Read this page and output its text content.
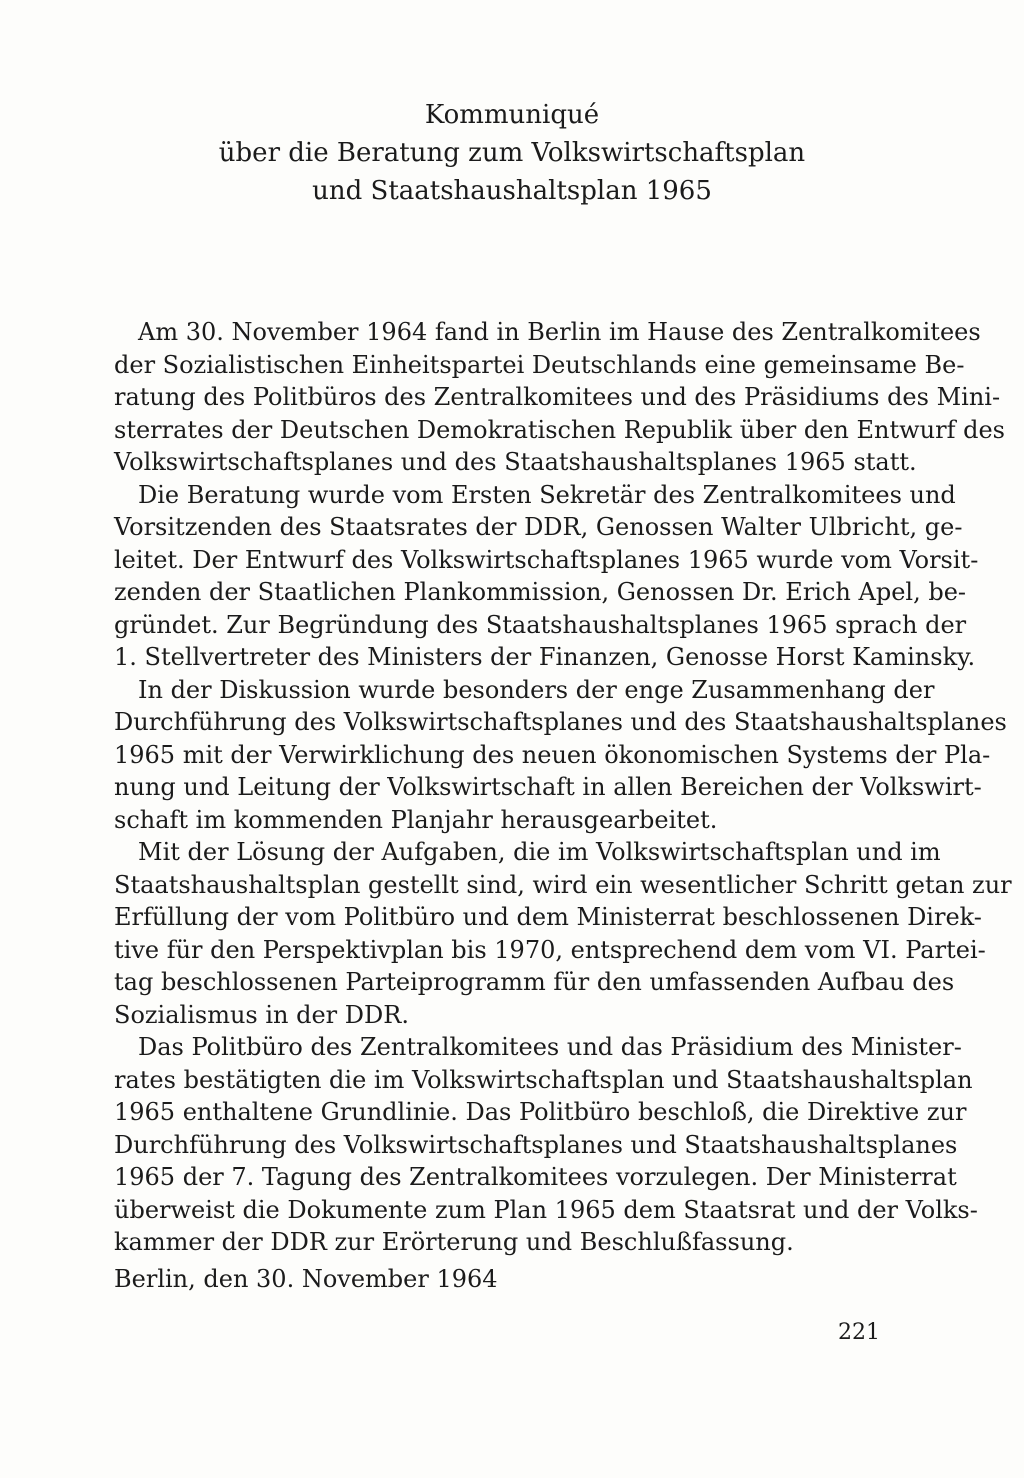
Kommuniqué
über die Beratung zum Volkswirtschaftsplan
und Staatshaushaltsplan 1965
Am 30. November 1964 fand in Berlin im Hause des Zentralkomitees
der Sozialistischen Einheitspartei Deutschlands eine gemeinsame Be-
ratung des Politbüros des Zentralkomitees und des Präsidiums des Mini-
sterrates der Deutschen Demokratischen Republik über den Entwurf des
Volkswirtschaftsplanes und des Staatshaushaltsplanes 1965 statt.
Die Beratung wurde vom Ersten Sekretär des Zentralkomitees und
Vorsitzenden des Staatsrates der DDR, Genossen Walter Ulbricht, ge-
leitet. Der Entwurf des Volkswirtschaftsplanes 1965 wurde vom Vorsit-
zenden der Staatlichen Plankommission, Genossen Dr. Erich Apel, be-
gründet. Zur Begründung des Staatshaushaltsplanes 1965 sprach der
1. Stellvertreter des Ministers der Finanzen, Genosse Horst Kaminsky.
In der Diskussion wurde besonders der enge Zusammenhang der
Durchführung des Volkswirtschaftsplanes und des Staatshaushaltsplanes
1965 mit der Verwirklichung des neuen ökonomischen Systems der Pla-
nung und Leitung der Volkswirtschaft in allen Bereichen der Volkswirt-
schaft im kommenden Planjahr herausgearbeitet.
Mit der Lösung der Aufgaben, die im Volkswirtschaftsplan und im
Staatshaushaltsplan gestellt sind, wird ein wesentlicher Schritt getan zur
Erfüllung der vom Politbüro und dem Ministerrat beschlossenen Direk-
tive für den Perspektivplan bis 1970, entsprechend dem vom VI. Partei-
tag beschlossenen Parteiprogramm für den umfassenden Aufbau des
Sozialismus in der DDR.
Das Politbüro des Zentralkomitees und das Präsidium des Minister-
rates bestätigten die im Volkswirtschaftsplan und Staatshaushaltsplan
1965 enthaltene Grundlinie. Das Politbüro beschloß, die Direktive zur
Durchführung des Volkswirtschaftsplanes und Staatshaushaltsplanes
1965 der 7. Tagung des Zentralkomitees vorzulegen. Der Ministerrat
überweist die Dokumente zum Plan 1965 dem Staatsrat und der Volks-
kammer der DDR zur Erörterung und Beschlußfassung.
Berlin, den 30. November 1964
221
